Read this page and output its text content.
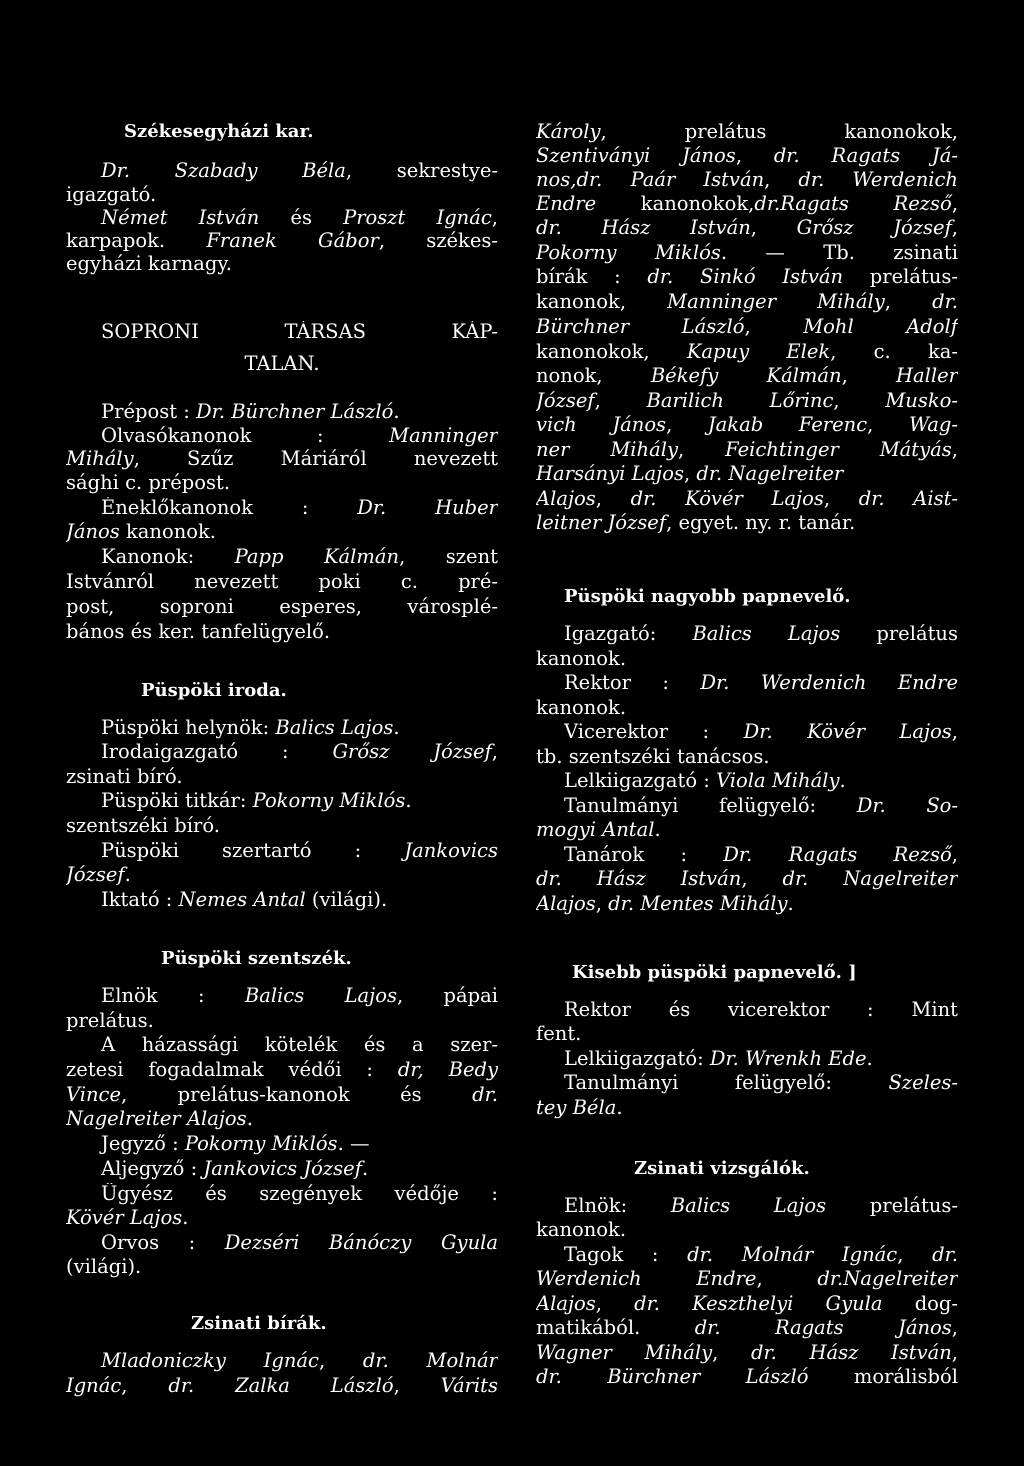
Székesegyházi kar.
Dr. Szabady Béla, sekrestye-
igazgató.
Német István és Proszt Ignác,
karpapok. Franek Gábor, székes-
egyházi karnagy.
SOPRONI TÁRSAS KÁP-
TALAN.
Prépost : Dr. Bürchner László.
Olvasókanonok : Manninger
Mihály, Szűz Máriáról nevezett
sághi c. prépost.
Éneklőkanonok : Dr. Huber
János kanonok.
Kanonok: Papp Kálmán, szent
Istvánról nevezett poki c. pré-
post, soproni esperes, városplé-
bános és ker. tanfelügyelő.
Püspöki iroda.
Püspöki helynök: Balics Lajos.
Irodaigazgató : Grősz József,
zsinati bíró.
Püspöki titkár: Pokorny Miklós.
szentszéki bíró.
Püspöki szertartó : Jankovics
József.
Iktató : Nemes Antal (világi).
Püspöki szentszék.
Elnök : Balics Lajos, pápai
prelátus.
A házassági kötelék és a szer-
zetesi fogadalmak védői : dr, Bedy
Vince, prelátus-kanonok és dr.
Nagelreiter Alajos.
Jegyző : Pokorny Miklós. —
Aljegyző : Jankovics József.
Ügyész és szegények védője :
Kövér Lajos.
Orvos : Dezséri Bánóczy Gyula
(világi).
Zsinati bírák.
Mladoniczky Ignác, dr. Molnár
Ignác, dr. Zalka László, Várits
Károly, prelátus kanonokok,
Szentiványi János, dr. Ragats Já-
nos,dr. Paár István, dr. Werdenich
Endre kanonokok,dr.Ragats Rezső,
dr. Hász István, Grősz József,
Pokorny Miklós. — Tb. zsinati
bírák : dr. Sinkó István prelátus-
kanonok, Manninger Mihály, dr.
Bürchner László, Mohl Adolf
kanonokok, Kapuy Elek, c. ka-
nonok, Békefy Kálmán, Haller
József, Barilich Lőrinc, Musko-
vich János, Jakab Ferenc, Wag-
ner Mihály, Feichtinger Mátyás,
Harsányi Lajos, dr. Nagelreiter
Alajos, dr. Kövér Lajos, dr. Aist-
leitner József, egyet. ny. r. tanár.
Püspöki nagyobb papnevelő.
Igazgató: Balics Lajos prelátus
kanonok.
Rektor : Dr. Werdenich Endre
kanonok.
Vicerektor : Dr. Kövér Lajos,
tb. szentszéki tanácsos.
Lelkiigazgató : Viola Mihály.
Tanulmányi felügyelő: Dr. So-
mogyi Antal.
Tanárok : Dr. Ragats Rezső,
dr. Hász István, dr. Nagelreiter
Alajos, dr. Mentes Mihály.
Kisebb püspöki papnevelő. ]
Rektor és vicerektor : Mint
fent.
Lelkiigazgató: Dr. Wrenkh Ede.
Tanulmányi felügyelő: Szeles-
tey Béla.
Zsinati vizsgálók.
Elnök: Balics Lajos prelátus-
kanonok.
Tagok : dr. Molnár Ignác, dr.
Werdenich Endre, dr.Nagelreiter
Alajos, dr. Keszthelyi Gyula dog-
matikából. dr. Ragats János,
Wagner Mihály, dr. Hász István,
dr. Bürchner László morálisból
